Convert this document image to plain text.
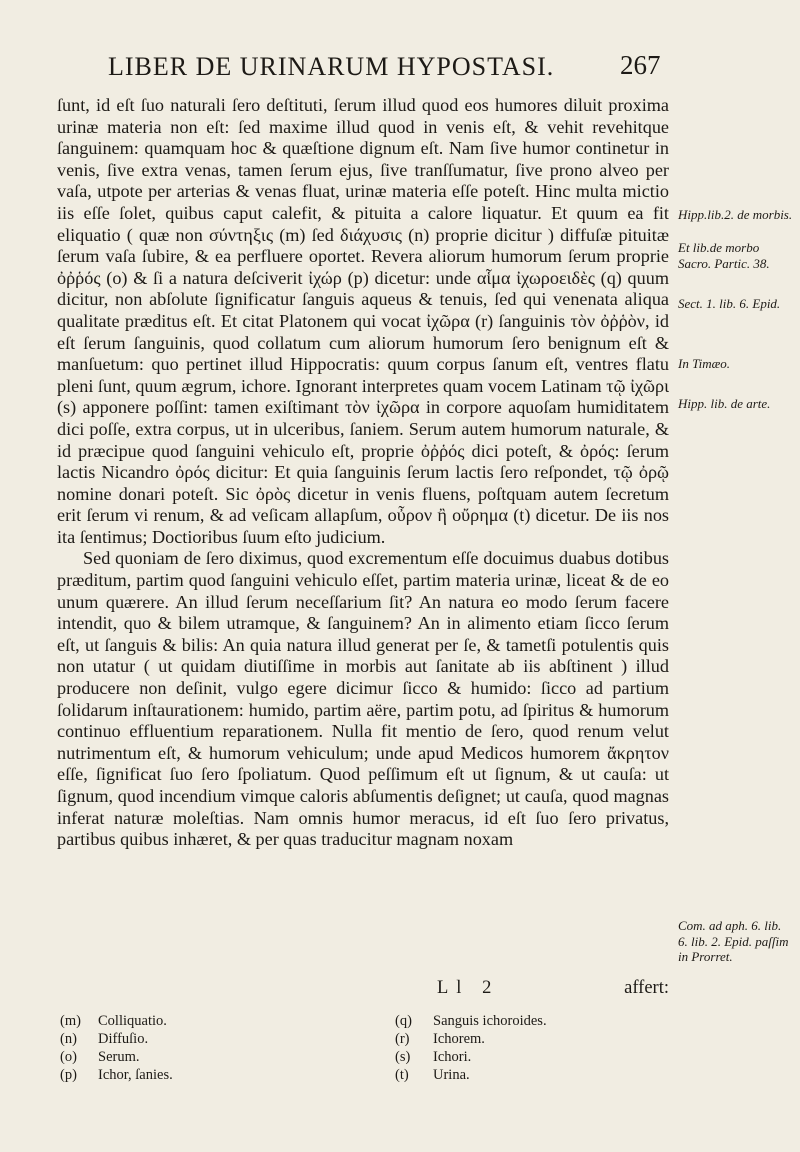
LIBER DE URINARUM HYPOSTASI. 267

ſunt, id eſt ſuo naturali ſero deſtituti, ſerum illud quod eos humores diluit proxima urinæ materia non eſt: ſed maxime illud quod in venis eſt, & vehit revehitque ſanguinem: quamquam hoc & quæſtione dignum eſt. Nam ſive humor continetur in venis, ſive extra venas, tamen ſerum ejus, ſive tranſſumatur, ſive prono alveo per vaſa, utpote per arterias & venas fluat, urinæ materia eſſe poteſt. Hinc multa mictio iis eſſe ſolet, quibus caput calefit, & pituita a calore liquatur. Et quum ea fit eliquatio ( quæ non σύντηξις (m) ſed διάχυσις (n) proprie dicitur ) diffuſæ pituitæ ſerum vaſa ſubire, & ea perfluere oportet. Revera aliorum humorum ſerum proprie ὀῤῥός (o) & ſi a natura deſciverit ἰχώρ (p) dicetur: unde αἷμα ἰχωροειδὲς (q) quum dicitur, non abſolute ſignificatur ſanguis aqueus & tenuis, ſed qui venenata aliqua qualitate præditus eſt. Et citat Platonem qui vocat ἰχῶρα (r) ſanguinis τὸν ὀῤῥὸν, id eſt ſerum ſanguinis, quod collatum cum aliorum humorum ſero benignum eſt & manſuetum: quo pertinet illud Hippocratis: quum corpus ſanum eſt, ventres flatu pleni ſunt, quum ægrum, ichore. Ignorant interpretes quam vocem Latinam τῷ ἰχῶρι (s) apponere poſſint: tamen exiſtimant τὸν ἰχῶρα in corpore aquoſam humiditatem dici poſſe, extra corpus, ut in ulceribus, ſaniem. Serum autem humorum naturale, & id præcipue quod ſanguini vehiculo eſt, proprie ὀῤῥός dici poteſt, & ὀρός: ſerum lactis Nicandro ὀρός dicitur: Et quia ſanguinis ſerum lactis ſero reſpondet, τῷ ὀρῷ nomine donari poteſt. Sic ὀρὸς dicetur in venis fluens, poſtquam autem ſecretum erit ſerum vi renum, & ad veſicam allapſum, οὖρον ἢ οὔρημα (t) dicetur. De iis nos ita ſentimus; Doctioribus ſuum eſto judicium.

Sed quoniam de ſero diximus, quod excrementum eſſe docuimus duabus dotibus præditum, partim quod ſanguini vehiculo eſſet, partim materia urinæ, liceat & de eo unum quærere. An illud ſerum neceſſarium ſit? An natura eo modo ſerum facere intendit, quo & bilem utramque, & ſanguinem? An in alimento etiam ſicco ſerum eſt, ut ſanguis & bilis: An quia natura illud generat per ſe, & tametſi potulentis quis non utatur ( ut quidam diutiſſime in morbis aut ſanitate ab iis abſtinent ) illud producere non deſinit, vulgo egere dicimur ſicco & humido: ſicco ad partium ſolidarum inſtaurationem: humido, partim aëre, partim potu, ad ſpiritus & humorum continuo effluentium reparationem. Nulla fit mentio de ſero, quod renum velut nutrimentum eſt, & humorum vehiculum; unde apud Medicos humorem ἄκρητον eſſe, ſignificat ſuo ſero ſpoliatum. Quod peſſimum eſt ut ſignum, & ut cauſa: ut ſignum, quod incendium vimque caloris abſumentis deſignet; ut cauſa, quod magnas inferat naturæ moleſtias. Nam omnis humor meracus, id eſt ſuo ſero privatus, partibus quibus inhæret, & per quas traducitur magnam noxam

Hipp.lib.2. de morbis.
Et lib.de morbo Sacro. Partic. 38.
Sect. 1. lib. 6. Epid.
In Timæo.
Hipp. lib. de arte.
Com. ad aph. 6. lib. 6. lib. 2. Epid. paſſim in Prorret.
Ll 2	affert:
(m) Colliquatio.
(n) Diffuſio.
(o) Serum.
(p) Ichor, ſanies.
(q) Sanguis ichoroides.
(r) Ichorem.
(s) Ichori.
(t) Urina.
